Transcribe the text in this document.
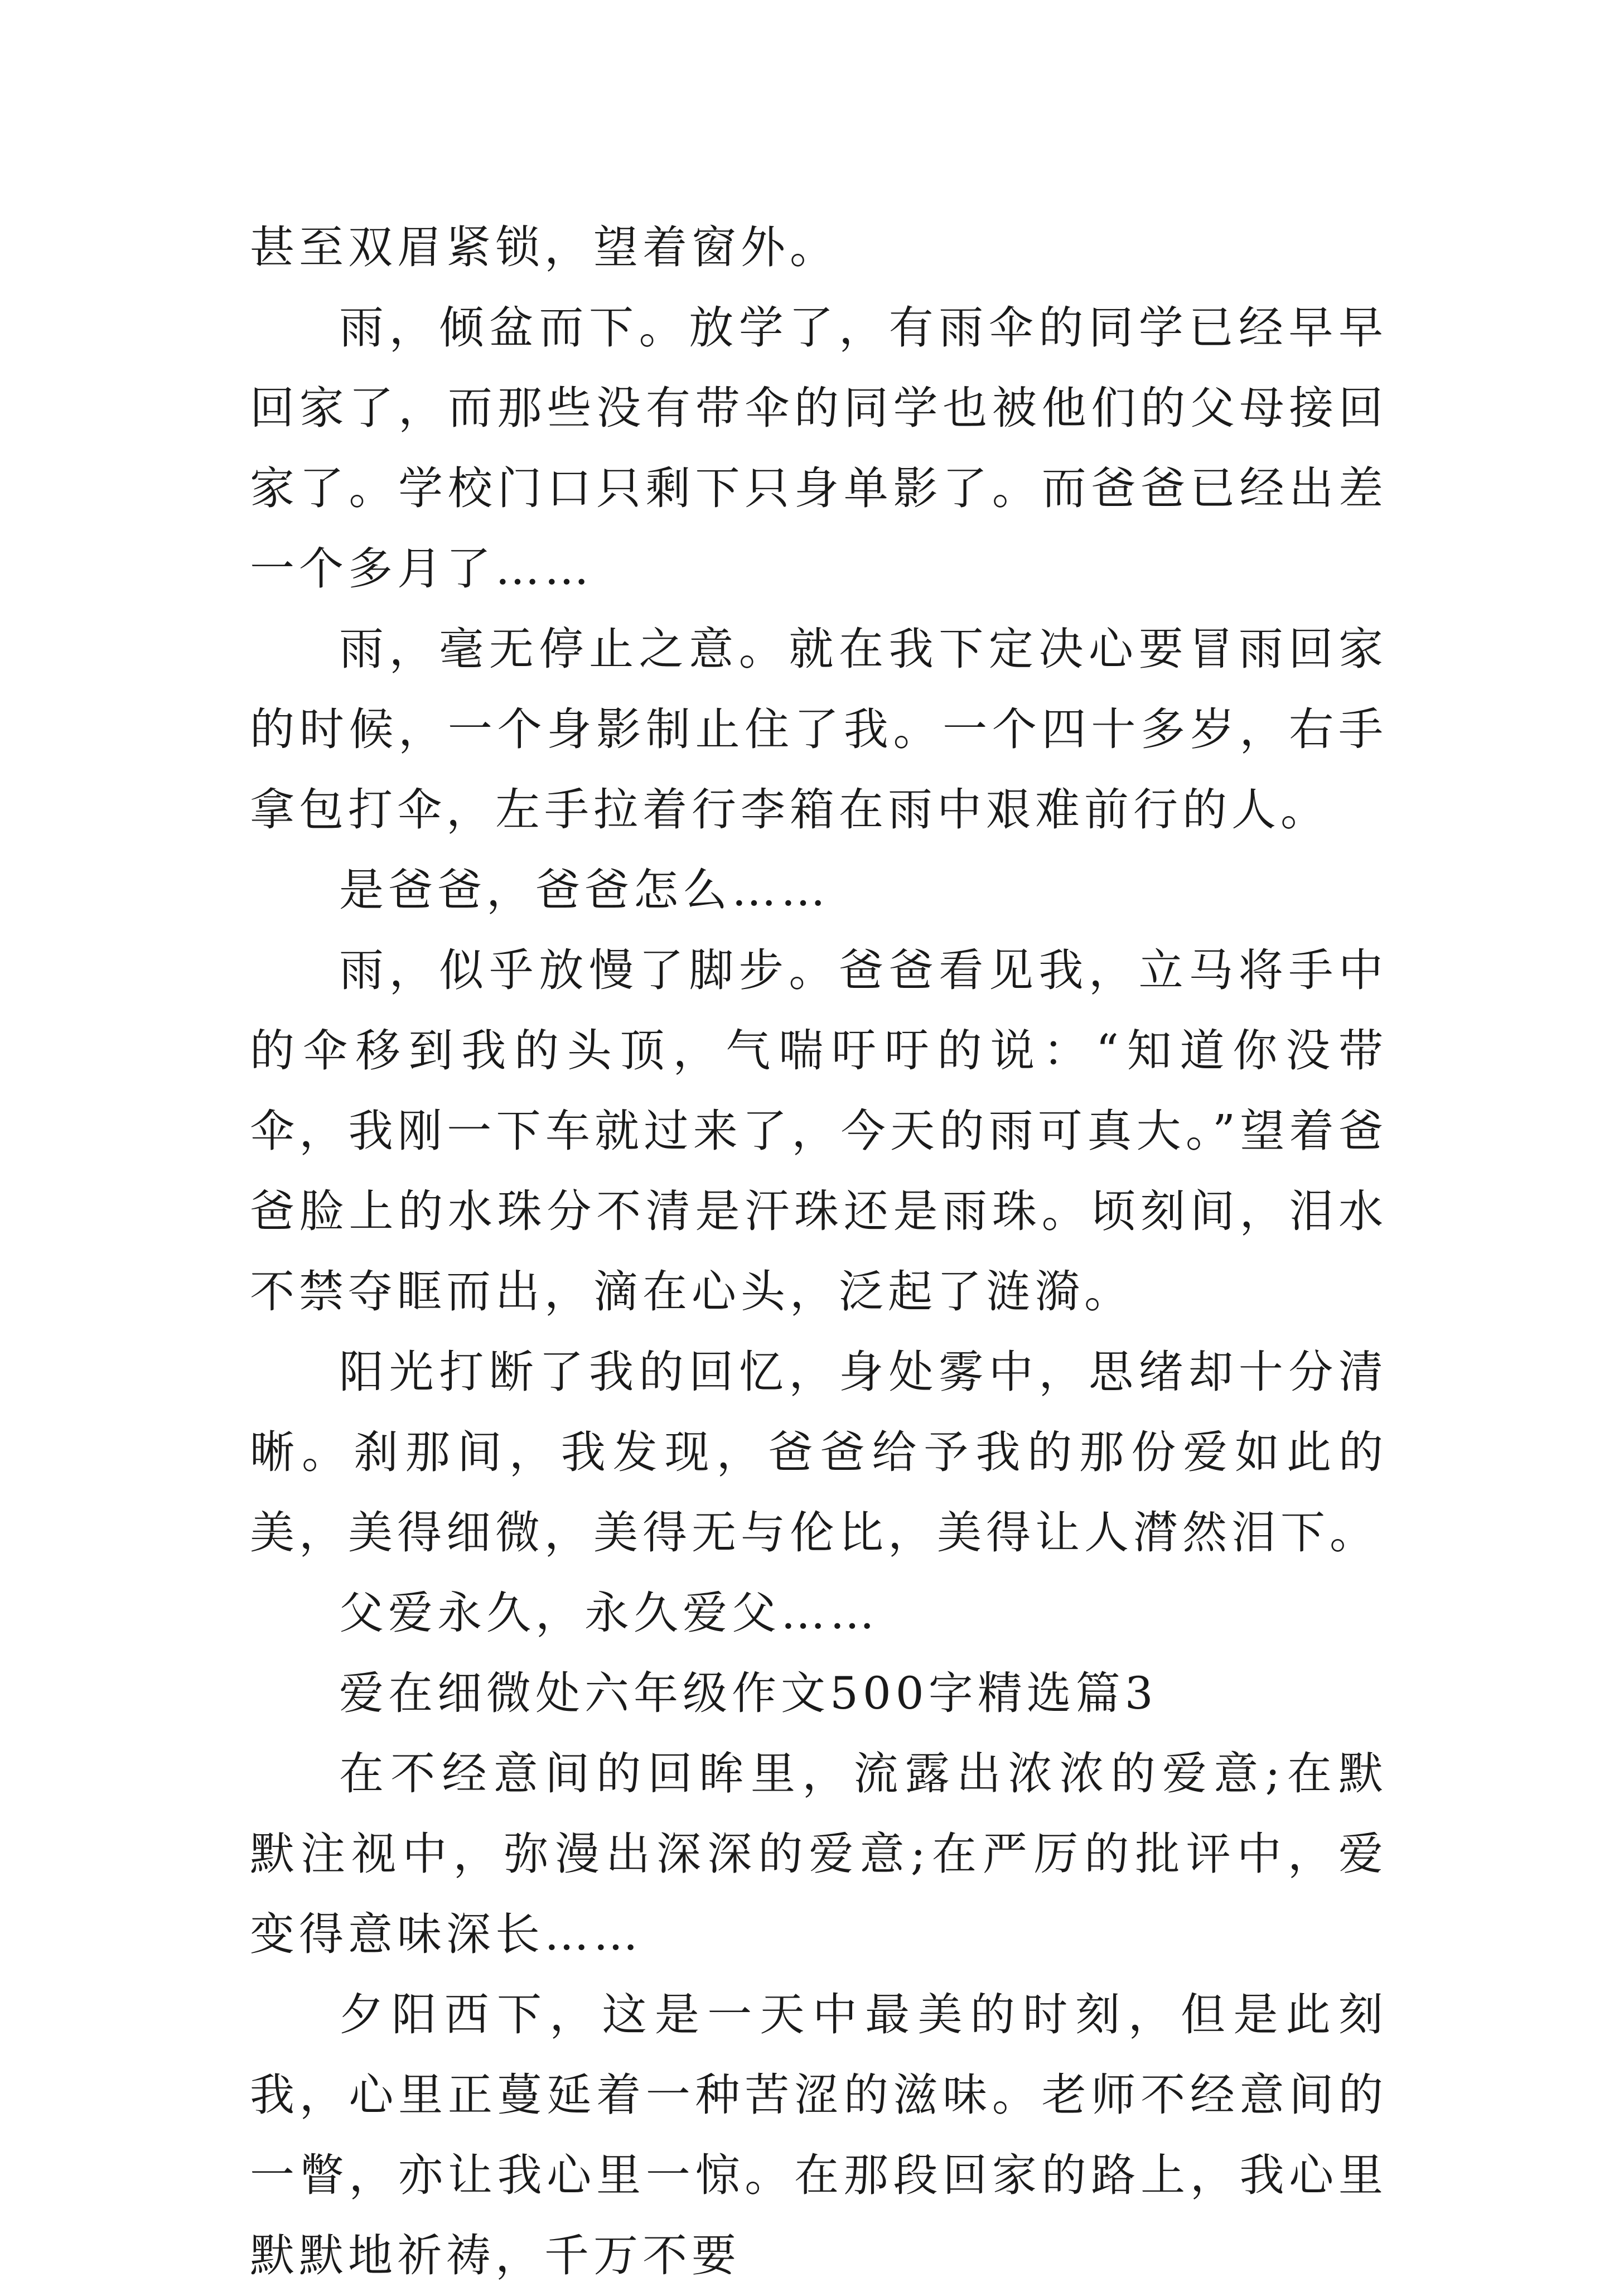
甚至双眉紧锁，望着窗外。

雨，倾盆而下。放学了，有雨伞的同学已经早早回家了，而那些没有带伞的同学也被他们的父母接回家了。学校门口只剩下只身单影了。而爸爸已经出差一个多月了……

雨，毫无停止之意。就在我下定决心要冒雨回家的时候，一个身影制止住了我。一个四十多岁，右手拿包打伞，左手拉着行李箱在雨中艰难前行的人。

是爸爸，爸爸怎么……

雨，似乎放慢了脚步。爸爸看见我，立马将手中的伞移到我的头顶，气喘吁吁的说：“知道你没带伞，我刚一下车就过来了，今天的雨可真大。”望着爸爸脸上的水珠分不清是汗珠还是雨珠。顷刻间，泪水不禁夺眶而出，滴在心头，泛起了涟漪。

阳光打断了我的回忆，身处雾中，思绪却十分清晰。刹那间，我发现，爸爸给予我的那份爱如此的美，美得细微，美得无与伦比，美得让人潸然泪下。

父爱永久，永久爱父……

爱在细微处六年级作文500字精选篇3

在不经意间的回眸里，流露出浓浓的爱意;在默默注视中，弥漫出深深的爱意;在严厉的批评中，爱变得意味深长……

夕阳西下，这是一天中最美的时刻，但是此刻我，心里正蔓延着一种苦涩的滋味。老师不经意间的一瞥，亦让我心里一惊。在那段回家的路上，我心里默默地祈祷，千万不要
